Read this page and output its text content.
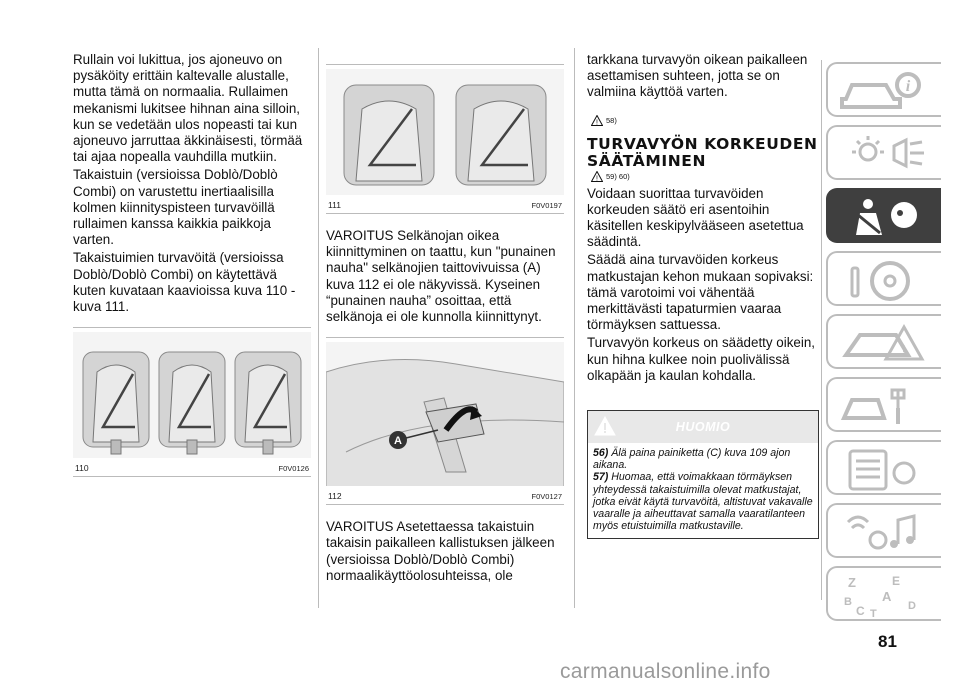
Rullain voi lukittua, jos ajoneuvo on pysäköity erittäin kaltevalle alustalle, mutta tämä on normaalia. Rullaimen mekanismi lukitsee hihnan aina silloin, kun se vedetään ulos nopeasti tai kun ajoneuvo jarruttaa äkkinäisesti, törmää tai ajaa nopealla vauhdilla mutkiin.

Takaistuin (versioissa Doblò/Doblò Combi) on varustettu inertiaalisilla kolmen kiinnityspisteen turvavöillä rullaimen kanssa kaikkia paikkoja varten.

Takaistuimien turvavöitä (versioissa Doblò/Doblò Combi) on käytettävä kuten kuvataan kaavioissa kuva 110 - kuva 111.

110	F0V0126
111	F0V0197

VAROITUS Selkänojan oikea kiinnittyminen on taattu, kun "punainen nauha" selkänojien taittovivuissa (A) kuva 112 ei ole näkyvissä. Kyseinen “punainen nauha” osoittaa, että selkänoja ei ole kunnolla kiinnittynyt.

A
112	F0V0127

VAROITUS Asetettaessa takaistuin takaisin paikalleen kallistuksen jälkeen (versioissa Doblò/Doblò Combi) normaalikäyttöolosuhteissa, ole

tarkkana turvavyön oikean paikalleen asettamisen suhteen, jotta se on valmiina käyttöä varten.

! 58)
TURVAVYÖN KORKEUDEN SÄÄTÄMINEN
! 59) 60)

Voidaan suorittaa turvavöiden korkeuden säätö eri asentoihin käsitellen keskipylvääseen asetettua säädintä.

Säädä aina turvavöiden korkeus matkustajan kehon mukaan sopivaksi: tämä varotoimi voi vähentää merkittävästi tapaturmien vaaraa törmäyksen sattuessa.

Turvavyön korkeus on säädetty oikein, kun hihna kulkee noin puolivälissä olkapään ja kaulan kohdalla.

HUOMIO
56) Älä paina painiketta (C) kuva 109 ajon aikana.
57) Huomaa, että voimakkaan törmäyksen yhteydessä takaistuimilla olevat matkustajat, jotka eivät käytä turvavöitä, altistuvat vakavalle vaaralle ja aiheuttavat samalla vaaratilanteen myös etuistuimilla matkustaville.
i
!
Z	E
A
B
C T
D
81
carmanualsonline.info
